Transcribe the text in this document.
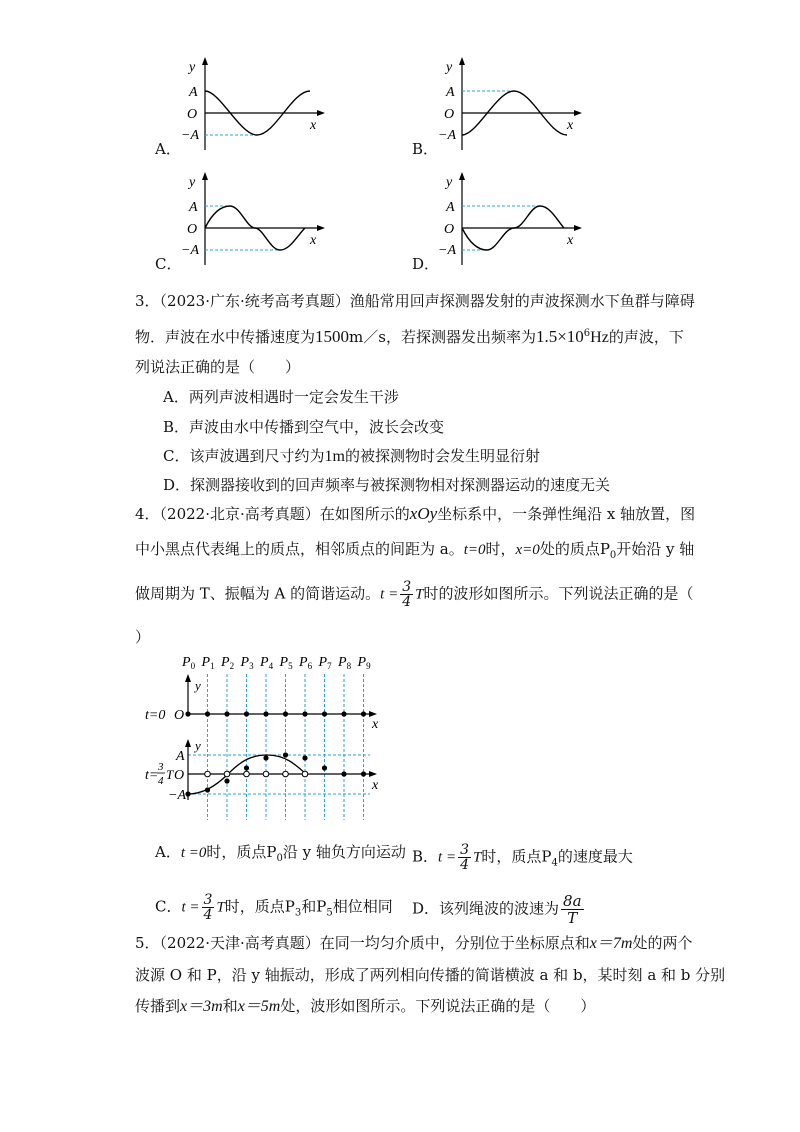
y
A
O
−A
x
A．
y
A
O
−A
x
B．
y
A
O
−A
x
C．
y
A
O
−A
x
D．
3．（2023·广东·统考高考真题）渔船常用回声探测器发射的声波探测水下鱼群与障碍
物．声波在水中传播速度为1500m／s，若探测器发出频率为$1.5\times 10^6Hz$的声波，下
列说法正确的是（　　）
A．两列声波相遇时一定会发生干涉
B．声波由水中传播到空气中，波长会改变
C．该声波遇到尺寸约为1m的被探测物时会发生明显衍射
D．探测器接收到的回声频率与被探测物相对探测器运动的速度无关
4．（2022·北京·高考真题）在如图所示的xOy坐标系中，一条弹性绳沿 x 轴放置，图
中小黑点代表绳上的质点，相邻质点的间距为 a。t=0时，x=0处的质点$P_0$开始沿 y 轴
做周期为 T、振幅为 A 的简谐运动。$t = \frac{3}{4}$ T时的波形如图所示。下列说法正确的是（
）
$P_0$ $P_1$ $P_2$ $P_3$ $P_4$ $P_5$ $P_6$ $P_7$ $P_8$ $P_9$
t=0 O
y
x
t=
3
4 T O
A
−A
y
x
A．t =0时，质点$P_0$沿 y 轴负方向运动 B．$t = \frac{3}{4}$ T时，质点$P_4$的速度最大
C．$t = \frac{3}{4}$ T时，质点$P_3$和$P_5$相位相同 D．该列绳波的波速为 $\frac{8a}{T}$
5．（2022·天津·高考真题）在同一均匀介质中，分别位于坐标原点和x＝7m处的两个
波源 O 和 P，沿 y 轴振动，形成了两列相向传播的简谐横波 a 和 b，某时刻 a 和 b 分别
传播到x＝3m和x＝5m处，波形如图所示。下列说法正确的是（　　）
